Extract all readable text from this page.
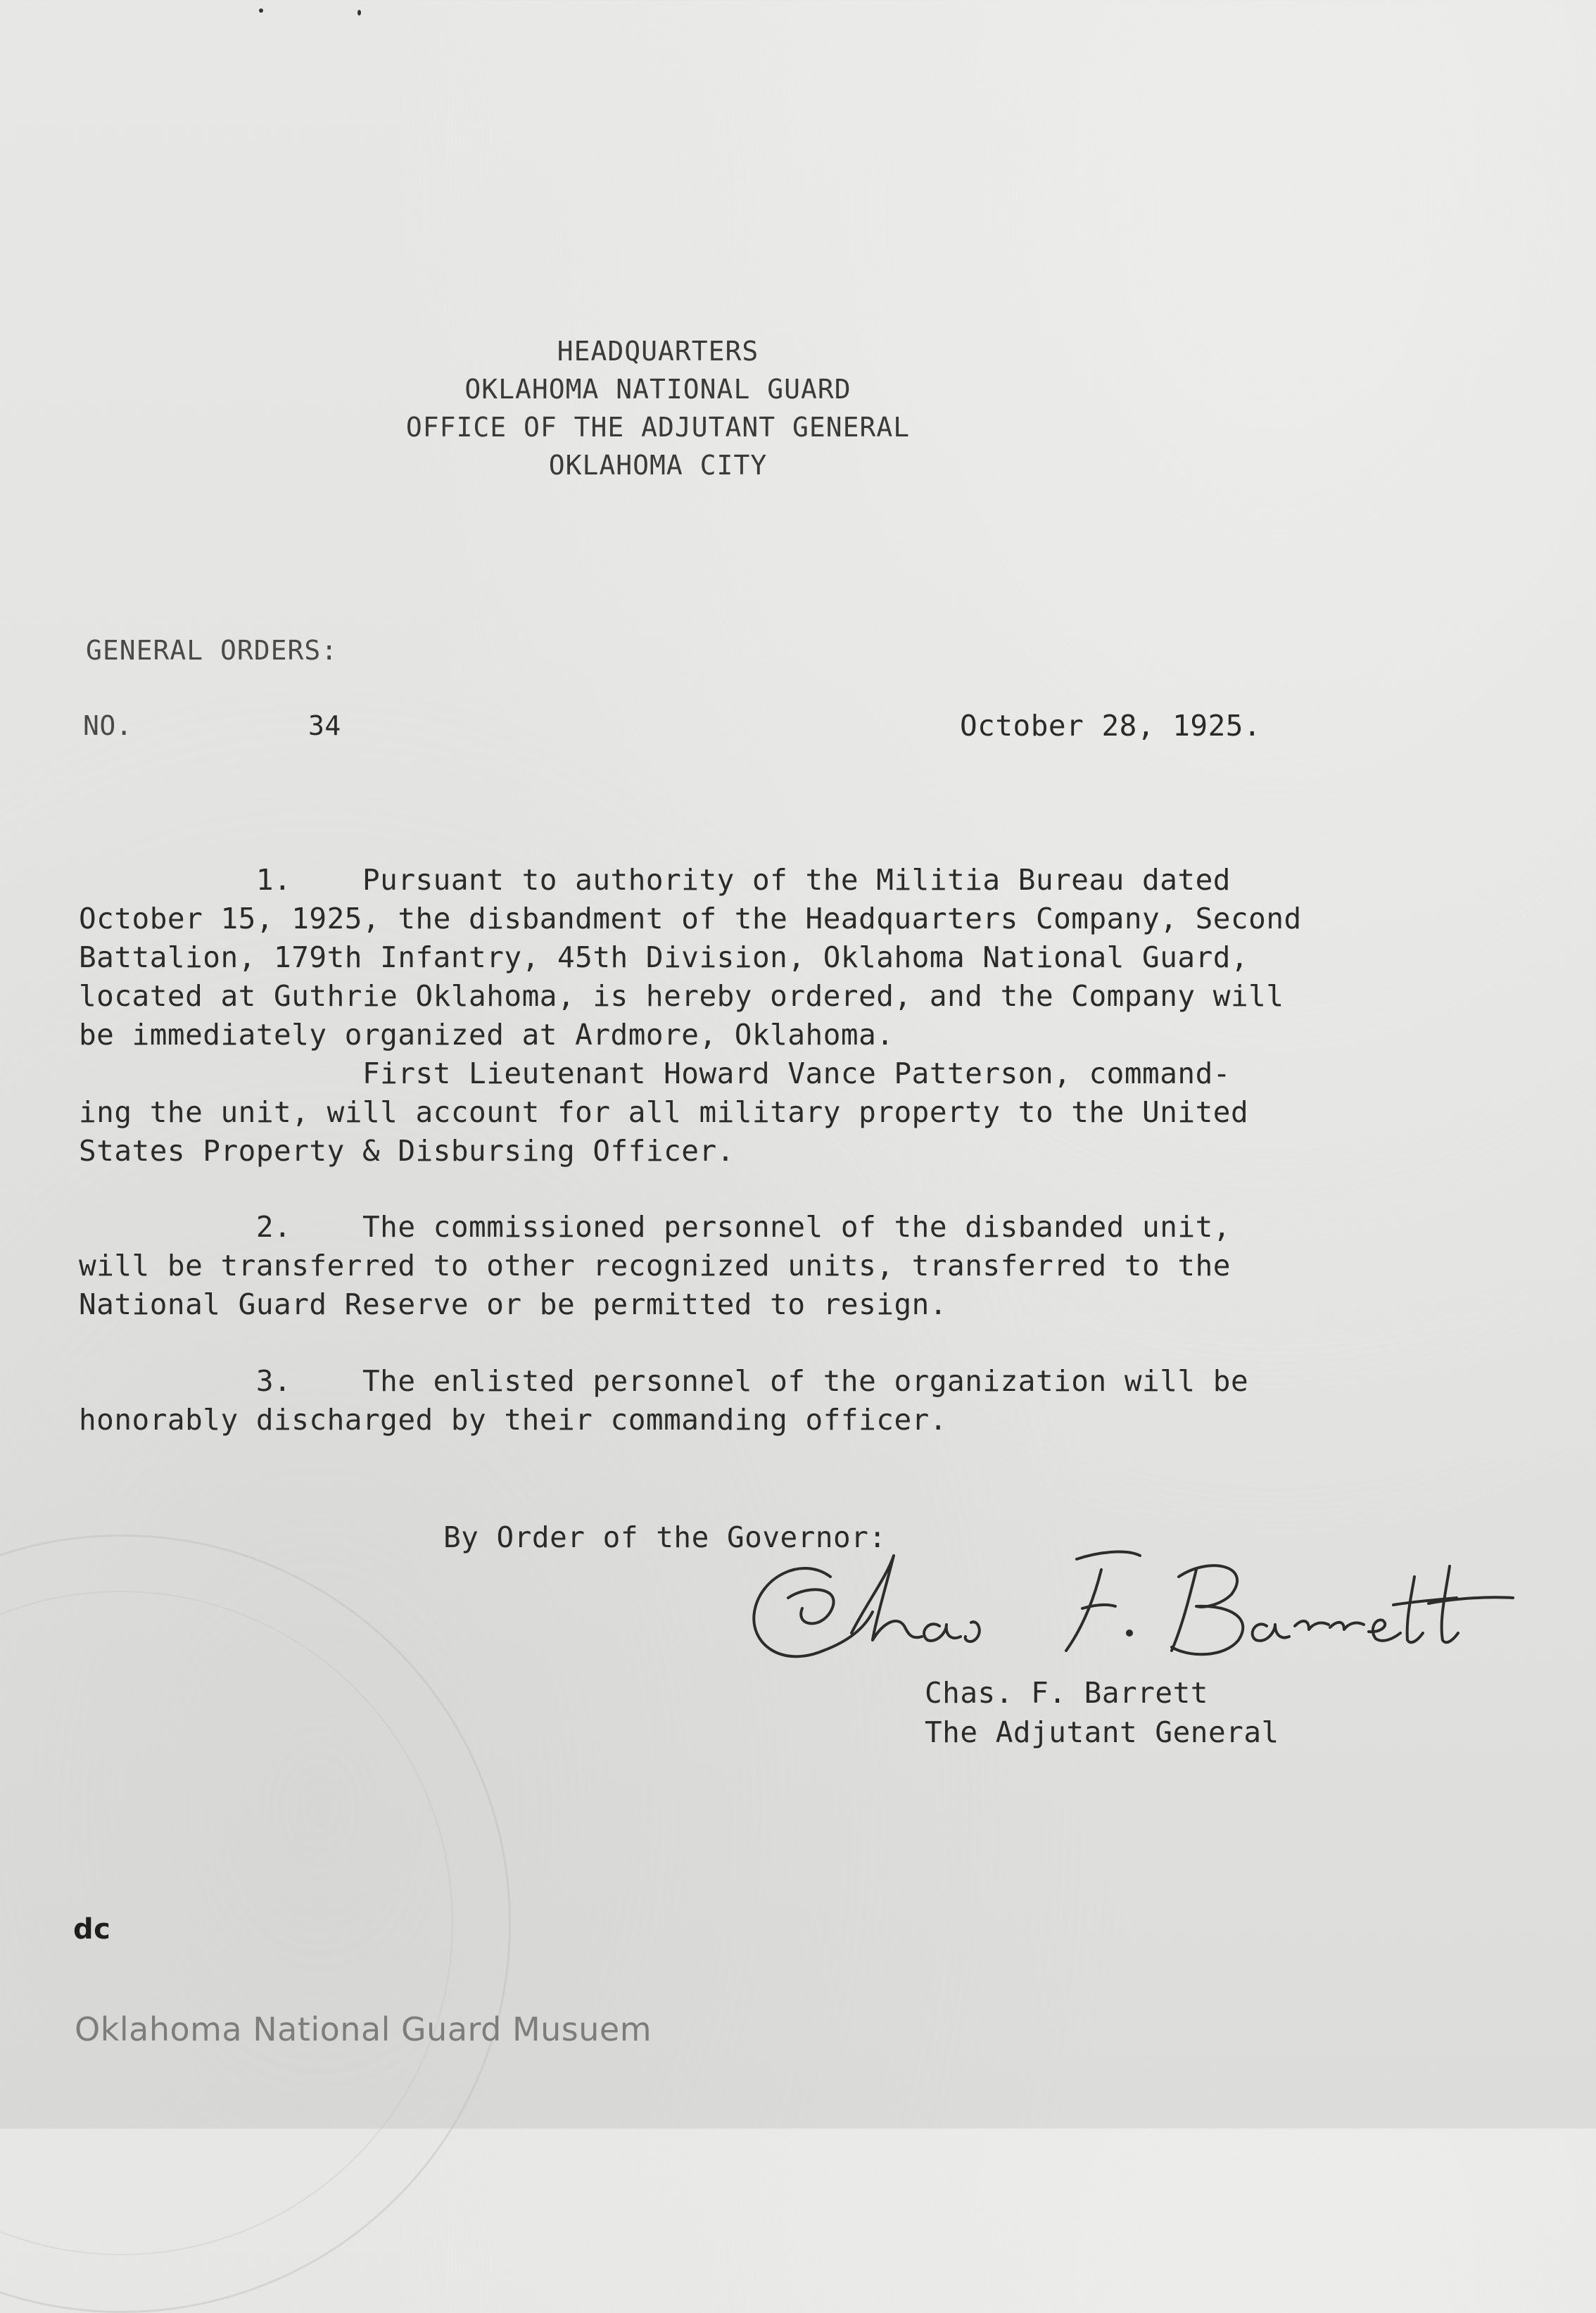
HEADQUARTERS
OKLAHOMA NATIONAL GUARD
OFFICE OF THE ADJUTANT GENERAL
OKLAHOMA CITY
GENERAL ORDERS:
NO.	34	October 28, 1925.
1.    Pursuant to authority of the Militia Bureau dated
October 15, 1925, the disbandment of the Headquarters Company, Second
Battalion, 179th Infantry, 45th Division, Oklahoma National Guard,
located at Guthrie Oklahoma, is hereby ordered, and the Company will
be immediately organized at Ardmore, Oklahoma.
First Lieutenant Howard Vance Patterson, command-
ing the unit, will account for all military property to the United
States Property & Disbursing Officer.
2.    The commissioned personnel of the disbanded unit,
will be transferred to other recognized units, transferred to the
National Guard Reserve or be permitted to resign.
3.    The enlisted personnel of the organization will be
honorably discharged by their commanding officer.
By Order of the Governor:
Chas. F. Barrett
The Adjutant General
dc
Oklahoma National Guard Musuem
